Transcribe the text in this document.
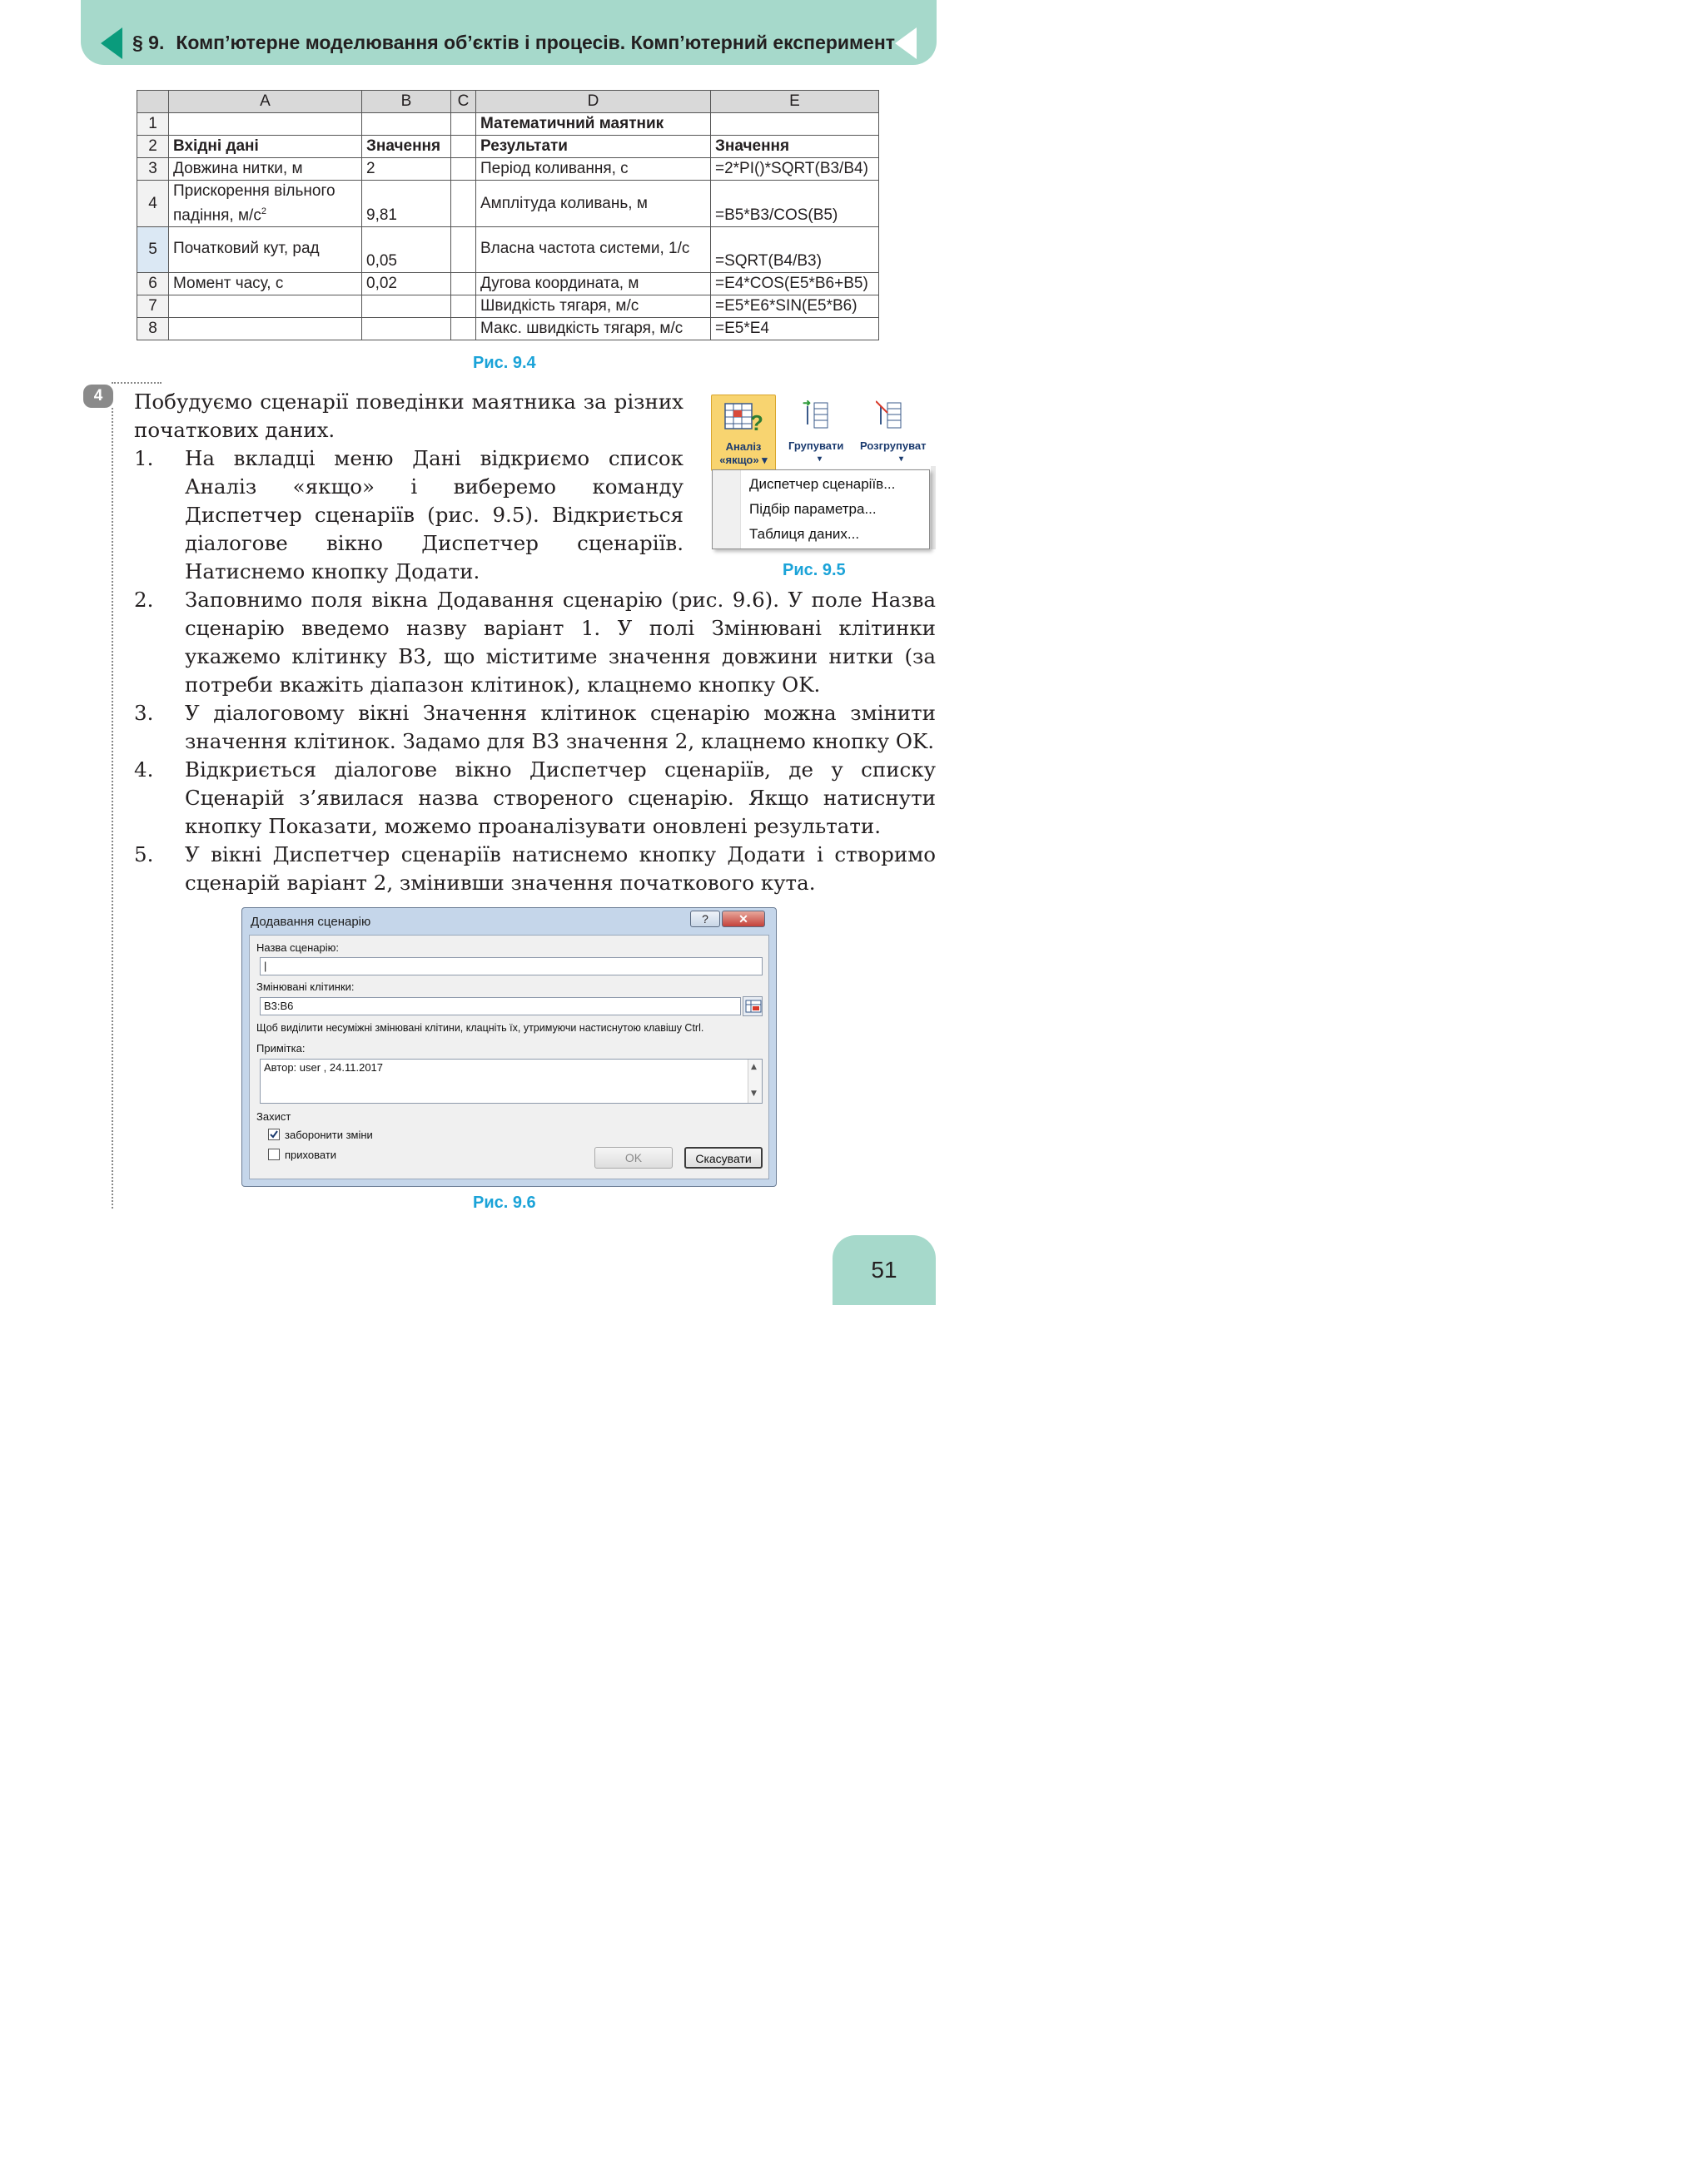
§ 9. Комп’ютерне моделювання об’єктів і процесів. Комп’ютерний експеримент
	A	B	C	D	E
1				Математичний маятник	
2	Вхідні дані	Значення		Результати	Значення
3	Довжина нитки, м	2		Період коливання, с	=2*PI()*SQRT(B3/B4)
4	Прискорення вільного
падіння, $м/с^2$	9,81		Амплітуда коливань, м	=B5*B3/COS(B5)
5	Початковий кут, рад	0,05		Власна частота системи, 1/с	=SQRT(B4/B3)
6	Момент часу, с	0,02		Дугова координата, м	=E4*COS(E5*B6+B5)
7				Швидкість тягаря, м/с	=E5*E6*SIN(E5*B6)
8				Макс. швидкість тягаря, м/с	=E5*E4
Рис. 9.4
4	Побудуємо сценарії поведінки маятника за різних початкових даних.
1. На вкладці меню Дані відкриємо список Аналіз «якщо» і виберемо команду Диспетчер сценаріїв (рис. 9.5). Відкриється діалогове вікно Диспетчер сценаріїв. Натиснемо кнопку Додати.
2. Заповнимо поля вікна Додавання сценарію (рис. 9.6). У поле Назва сценарію введемо назву варіант 1. У полі Змінювані клітинки укажемо клітинку B3, що міститиме значення довжини нитки (за потреби вкажіть діапазон клітинок), клацнемо кнопку OK.
3. У діалоговому вікні Значення клітинок сценарію можна змінити значення клітинок. Задамо для B3 значення 2, клацнемо кнопку OK.
4. Відкриється діалогове вікно Диспетчер сценаріїв, де у списку Сценарій з’явилася назва створеного сценарію. Якщо натиснути кнопку Показати, можемо проаналізувати оновлені результати.
5. У вікні Диспетчер сценаріїв натиснемо кнопку Додати і створимо сценарій варіант 2, змінивши значення початкового кута.
?
Аналіз
«якщо» ▾
➜
Групувати
▾
Розгрупуват
▾
Диспетчер сценаріїв...
Підбір параметра...
Таблиця даних...
Рис. 9.5
Додавання сценарію	?	✕
Назва сценарію:
|
Змінювані клітинки:
B3:B6
Щоб виділити несуміжні змінювані клітини, клацніть їх, утримуючи настиснутою клавішу Ctrl.
Примітка:
Автор: user , 24.11.2017	▲
▼
Захист
заборонити зміни
приховати	OK	Скасувати
Рис. 9.6
51
